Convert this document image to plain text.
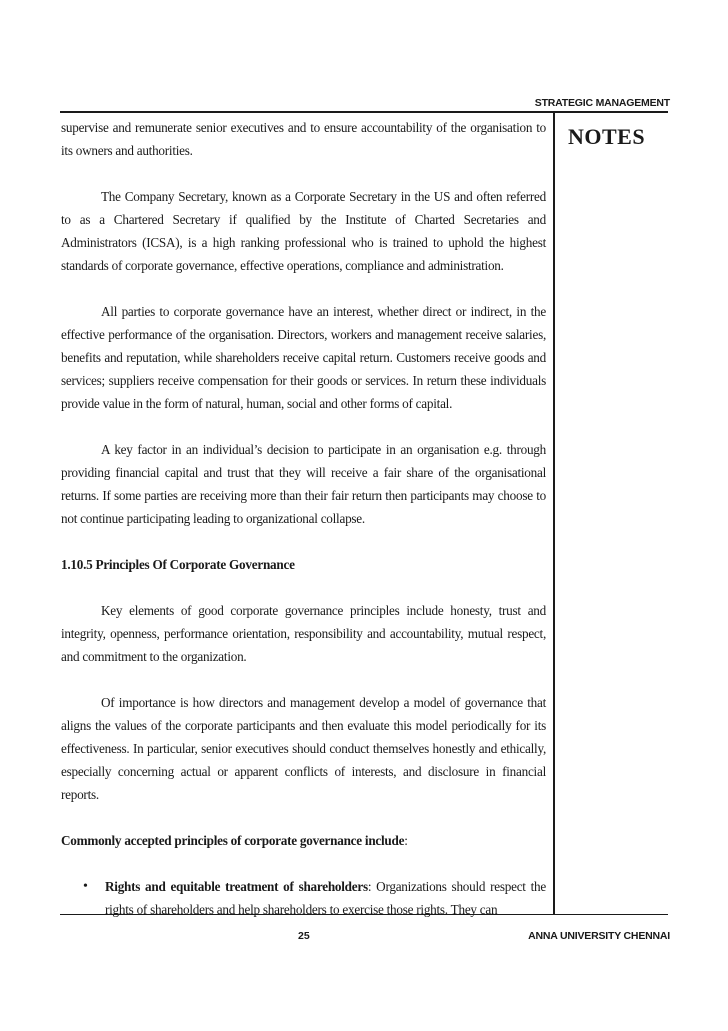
STRATEGIC MANAGEMENT
NOTES

supervise and remunerate senior executives and to ensure accountability of the organisation to its owners and authorities.

The Company Secretary, known as a Corporate Secretary in the US and often referred to as a Chartered Secretary if qualified by the Institute of Charted Secretaries and Administrators (ICSA), is a high ranking professional who is trained to uphold the highest standards of corporate governance, effective operations, compliance and administration.

All parties to corporate governance have an interest, whether direct or indirect, in the effective performance of the organisation. Directors, workers and management receive salaries, benefits and reputation, while shareholders receive capital return. Customers receive goods and services; suppliers receive compensation for their goods or services. In return these individuals provide value in the form of natural, human, social and other forms of capital.

A key factor in an individual’s decision to participate in an organisation e.g. through providing financial capital and trust that they will receive a fair share of the organisational returns. If some parties are receiving more than their fair return then participants may choose to not continue participating leading to organizational collapse.

1.10.5 Principles Of Corporate Governance

Key elements of good corporate governance principles include honesty, trust and integrity, openness, performance orientation, responsibility and accountability, mutual respect, and commitment to the organization.

Of importance is how directors and management develop a model of governance that aligns the values of the corporate participants and then evaluate this model periodically for its effectiveness. In particular, senior executives should conduct themselves honestly and ethically, especially concerning actual or apparent conflicts of interests, and disclosure in financial reports.

Commonly accepted principles of corporate governance include:
•	Rights and equitable treatment of shareholders: Organizations should respect the rights of shareholders and help shareholders to exercise those rights. They can
25	ANNA UNIVERSITY CHENNAI
